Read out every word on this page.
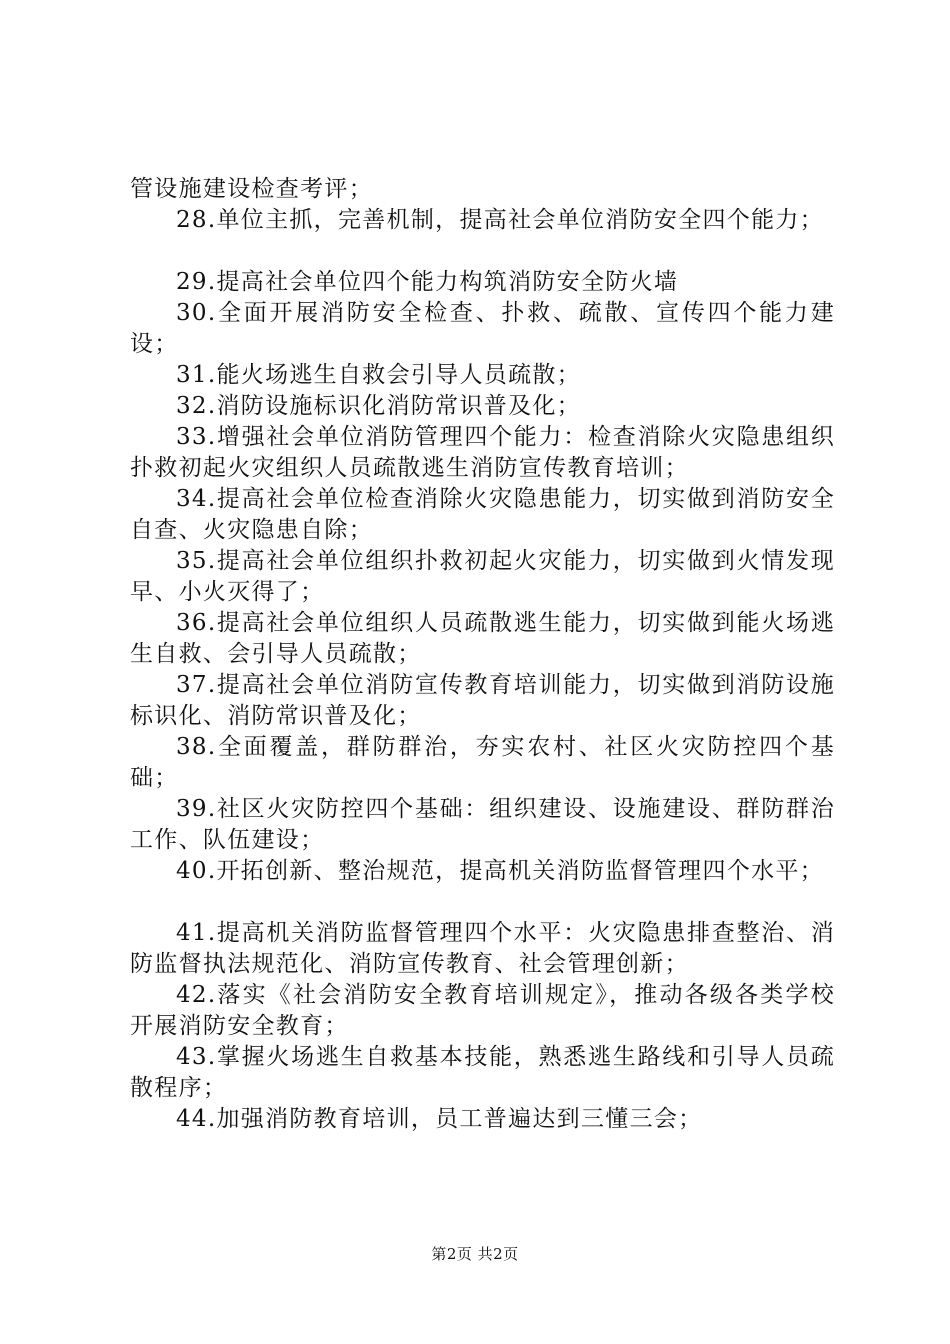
管设施建设检查考评；

28.单位主抓，完善机制，提高社会单位消防安全四个能力；

29.提高社会单位四个能力构筑消防安全防火墙

30.全面开展消防安全检查、扑救、疏散、宣传四个能力建设；

31.能火场逃生自救会引导人员疏散；

32.消防设施标识化消防常识普及化；

33.增强社会单位消防管理四个能力：检查消除火灾隐患组织扑救初起火灾组织人员疏散逃生消防宣传教育培训；

34.提高社会单位检查消除火灾隐患能力，切实做到消防安全自查、火灾隐患自除；

35.提高社会单位组织扑救初起火灾能力，切实做到火情发现早、小火灭得了；

36.提高社会单位组织人员疏散逃生能力，切实做到能火场逃生自救、会引导人员疏散；

37.提高社会单位消防宣传教育培训能力，切实做到消防设施标识化、消防常识普及化；

38.全面覆盖，群防群治，夯实农村、社区火灾防控四个基础；

39.社区火灾防控四个基础：组织建设、设施建设、群防群治工作、队伍建设；

40.开拓创新、整治规范，提高机关消防监督管理四个水平；

41.提高机关消防监督管理四个水平：火灾隐患排查整治、消防监督执法规范化、消防宣传教育、社会管理创新；

42.落实《社会消防安全教育培训规定》，推动各级各类学校开展消防安全教育；

43.掌握火场逃生自救基本技能，熟悉逃生路线和引导人员疏散程序；

44.加强消防教育培训，员工普遍达到三懂三会；

第2页 共2页
